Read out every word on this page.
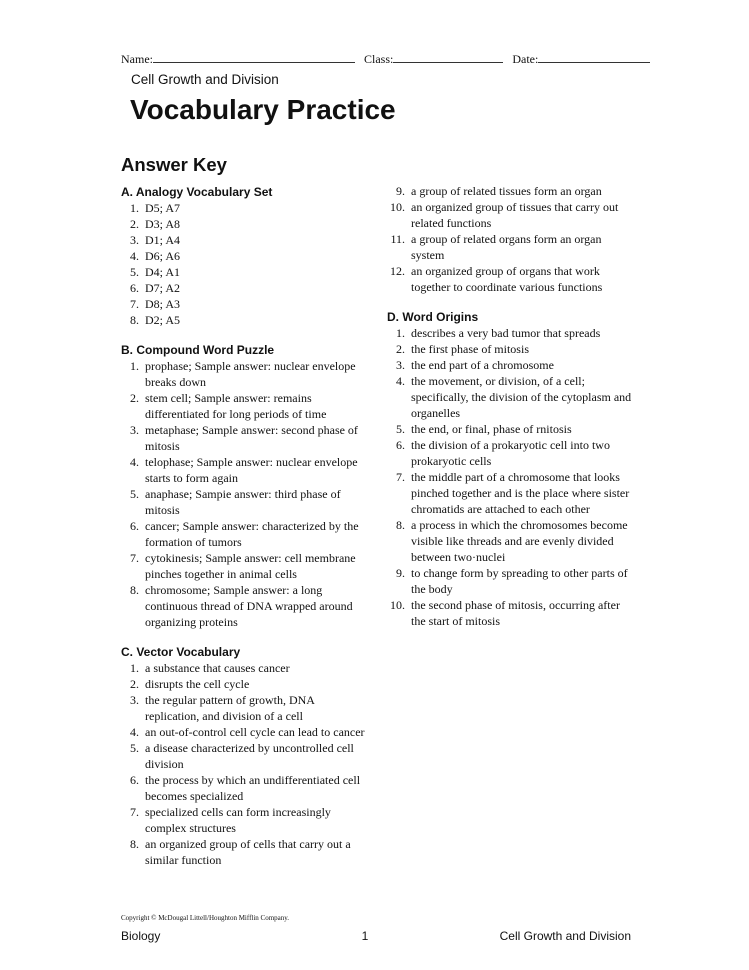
Name:	Class:	Date:
Cell Growth and Division
Vocabulary Practice
Answer Key
A. Analogy Vocabulary Set
1. D5; A7
2. D3; A8
3. D1; A4
4. D6; A6
5. D4; A1
6. D7; A2
7. D8; A3
8. D2; A5
B. Compound Word Puzzle
1. prophase; Sample answer: nuclear envelope breaks down
2. stem cell; Sample answer: remains differentiated for long periods of time
3. metaphase; Sample answer: second phase of mitosis
4. telophase; Sample answer: nuclear envelope starts to form again
5. anaphase; Sampie answer: third phase of mitosis
6. cancer; Sample answer: characterized by the formation of tumors
7. cytokinesis; Sample answer: cell membrane pinches together in animal cells
8. chromosome; Sample answer: a long continuous thread of DNA wrapped around organizing proteins
C. Vector Vocabulary
1. a substance that causes cancer
2. disrupts the cell cycle
3. the regular pattern of growth, DNA replication, and division of a cell
4. an out-of-control cell cycle can lead to cancer
5. a disease characterized by uncontrolled cell division
6. the process by which an undifferentiated cell becomes specialized
7. specialized cells can form increasingly complex structures
8. an organized group of cells that carry out a similar function
9. a group of related tissues form an organ
10. an organized group of tissues that carry out related functions
11. a group of related organs form an organ system
12. an organized group of organs that work together to coordinate various functions
D. Word Origins
1. describes a very bad tumor that spreads
2. the first phase of mitosis
3. the end part of a chromosome
4. the movement, or division, of a cell; specifically, the division of the cytoplasm and organelles
5. the end, or final, phase of rnitosis
6. the division of a prokaryotic cell into two prokaryotic cells
7. the middle part of a chromosome that looks pinched together and is the place where sister chromatids are attached to each other
8. a process in which the chromosomes become visible like threads and are evenly divided between two·nuclei
9. to change form by spreading to other parts of the body
10. the second phase of mitosis, occurring after the start of mitosis
Copyright © McDougal Littell/Houghton Mifflin Company.
Biology	1	Cell Growth and Division
